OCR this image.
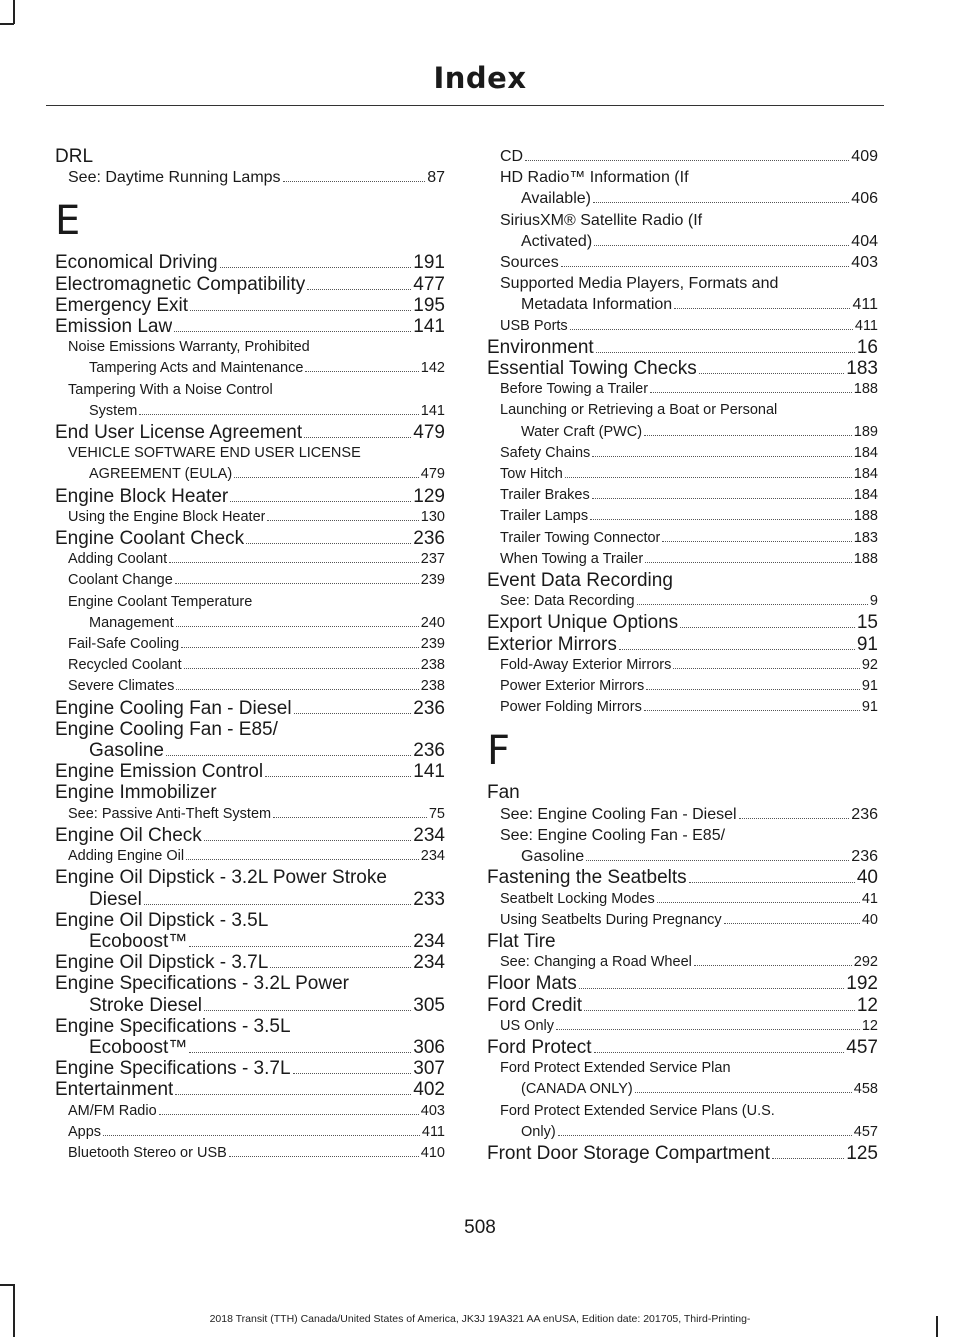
Index
DRL
See: Daytime Running Lamps	87
E
Economical Driving	191
Electromagnetic Compatibility	477
Emergency Exit	195
Emission Law	141
Noise Emissions Warranty, Prohibited
Tampering Acts and Maintenance	142
Tampering With a Noise Control
System	141
End User License Agreement	479
VEHICLE SOFTWARE END USER LICENSE
AGREEMENT (EULA)	479
Engine Block Heater	129
Using the Engine Block Heater	130
Engine Coolant Check	236
Adding Coolant	237
Coolant Change	239
Engine Coolant Temperature
Management	240
Fail-Safe Cooling	239
Recycled Coolant	238
Severe Climates	238
Engine Cooling Fan - Diesel	236
Engine Cooling Fan - E85/
Gasoline	236
Engine Emission Control	141
Engine Immobilizer
See: Passive Anti-Theft System	75
Engine Oil Check	234
Adding Engine Oil	234
Engine Oil Dipstick - 3.2L Power Stroke
Diesel	233
Engine Oil Dipstick - 3.5L
Ecoboost™	234
Engine Oil Dipstick - 3.7L	234
Engine Specifications - 3.2L Power
Stroke Diesel	305
Engine Specifications - 3.5L
Ecoboost™	306
Engine Specifications - 3.7L	307
Entertainment	402
AM/FM Radio	403
Apps	411
Bluetooth Stereo or USB	410
CD	409
HD Radio™ Information (If
Available)	406
SiriusXM® Satellite Radio (If
Activated)	404
Sources	403
Supported Media Players, Formats and
Metadata Information	411
USB Ports	411
Environment	16
Essential Towing Checks	183
Before Towing a Trailer	188
Launching or Retrieving a Boat or Personal
Water Craft (PWC)	189
Safety Chains	184
Tow Hitch	184
Trailer Brakes	184
Trailer Lamps	188
Trailer Towing Connector	183
When Towing a Trailer	188
Event Data Recording
See: Data Recording	9
Export Unique Options	15
Exterior Mirrors	91
Fold-Away Exterior Mirrors	92
Power Exterior Mirrors	91
Power Folding Mirrors	91
F
Fan
See: Engine Cooling Fan - Diesel	236
See: Engine Cooling Fan - E85/
Gasoline	236
Fastening the Seatbelts	40
Seatbelt Locking Modes	41
Using Seatbelts During Pregnancy	40
Flat Tire
See: Changing a Road Wheel	292
Floor Mats	192
Ford Credit	12
US Only	12
Ford Protect	457
Ford Protect Extended Service Plan
(CANADA ONLY)	458
Ford Protect Extended Service Plans (U.S.
Only)	457
Front Door Storage Compartment	125
508
2018 Transit (TTH) Canada/United States of America, JK3J 19A321 AA enUSA, Edition date: 201705, Third-Printing-
